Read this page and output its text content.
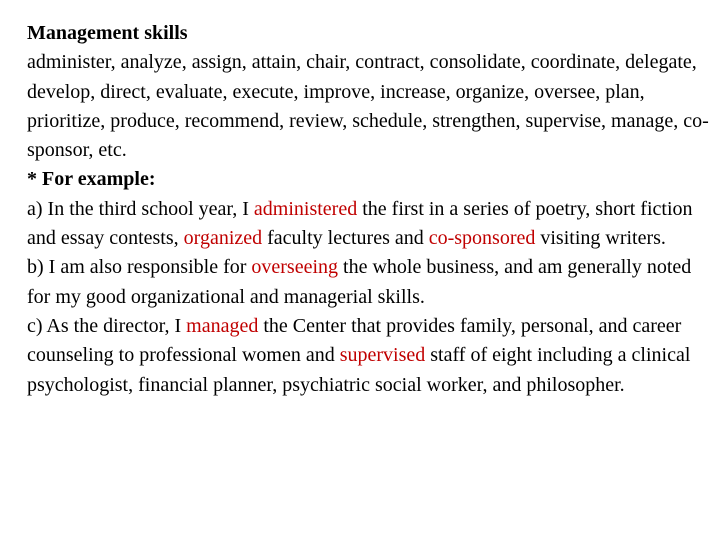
Management skills

administer, analyze, assign, attain, chair, contract, consolidate, coordinate, delegate, develop, direct, evaluate, execute, improve, increase, organize, oversee, plan, prioritize, produce, recommend, review, schedule, strengthen, supervise, manage, co-sponsor, etc.

* For example:

a) In the third school year, I administered the first in a series of poetry, short fiction and essay contests, organized faculty lectures and co-sponsored visiting writers.

b) I am also responsible for overseeing the whole business, and am generally noted for my good organizational and managerial skills.

c) As the director, I managed the Center that provides family, personal, and career counseling to professional women and supervised staff of eight including a clinical psychologist, financial planner, psychiatric social worker, and philosopher.
